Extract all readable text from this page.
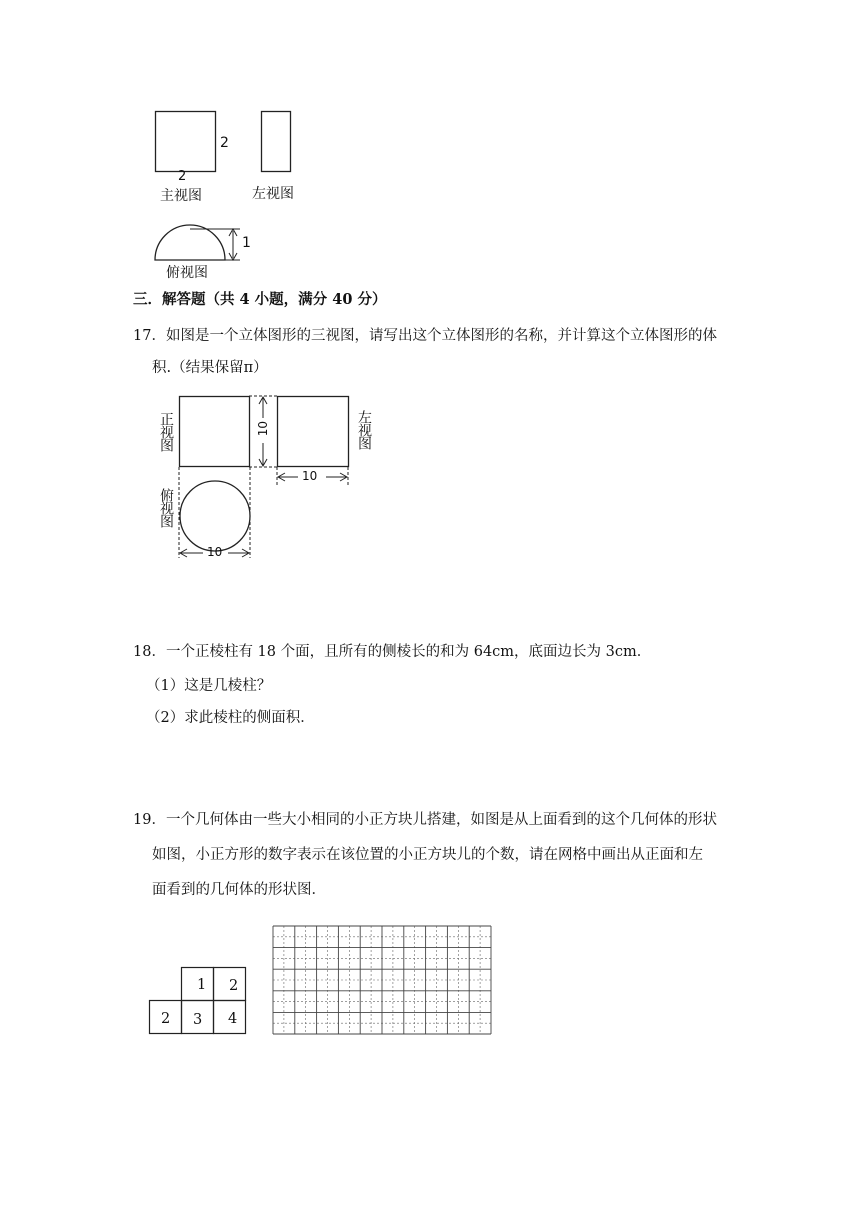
2
2
主视图	左视图
1
俯视图
三．解答题（共 4 小题，满分 40 分）
17．如图是一个立体图形的三视图，请写出这个立体图形的名称，并计算这个立体图形的体
积.（结果保留π）
正视图	左视图
俯视图
10
10
10
18．一个正棱柱有 18 个面，且所有的侧棱长的和为 64cm，底面边长为 3cm．
（1）这是几棱柱？
（2）求此棱柱的侧面积．
19．一个几何体由一些大小相同的小正方块儿搭建，如图是从上面看到的这个几何体的形状
如图，小正方形的数字表示在该位置的小正方块儿的个数，请在网格中画出从正面和左
面看到的几何体的形状图．
1 2
2 3 4
